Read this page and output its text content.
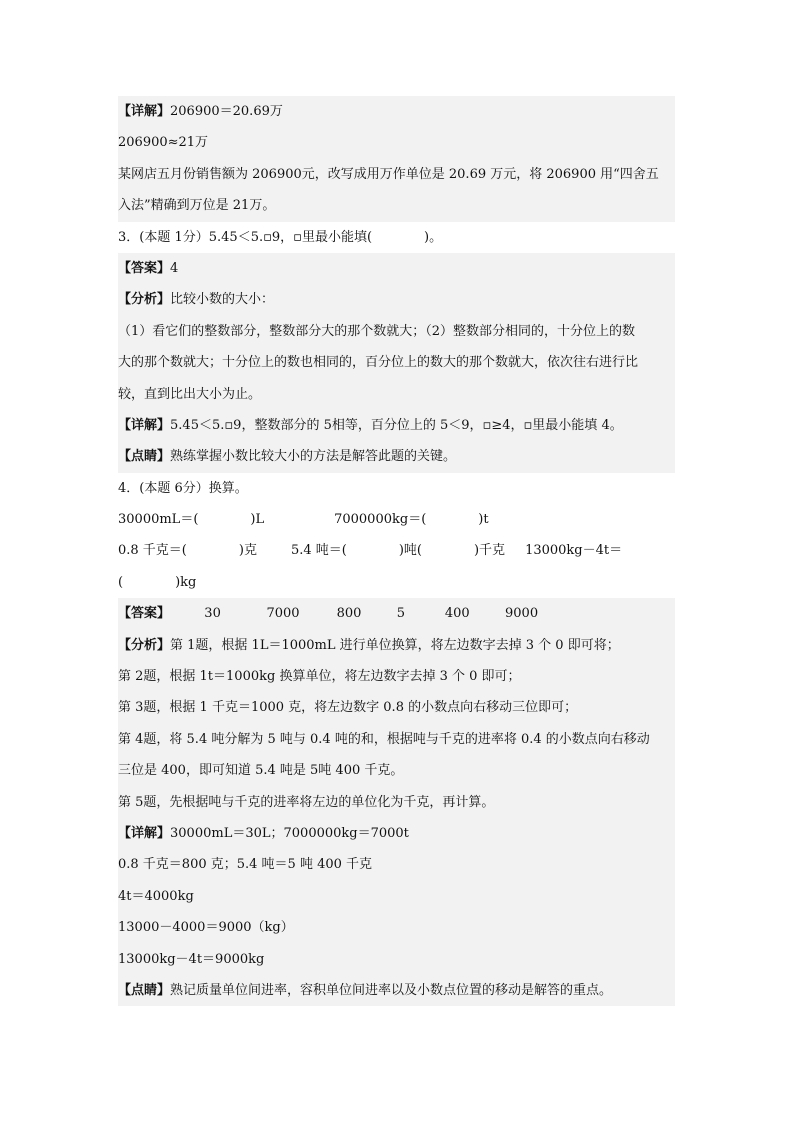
【详解】206900＝20.69万
206900≈21万
某网店五月份销售额为 206900元，改写成用万作单位是 20.69 万元，将 206900 用“四舍五
入法”精确到万位是 21万。
3．(本题 1分）5.45＜5.▫9，▫里最小能填(　　　　)。
【答案】4
【分析】比较小数的大小：
（1）看它们的整数部分，整数部分大的那个数就大；（2）整数部分相同的，十分位上的数
大的那个数就大；十分位上的数也相同的，百分位上的数大的那个数就大，依次往右进行比
较，直到比出大小为止。
【详解】5.45＜5.▫9，整数部分的 5相等，百分位上的 5＜9，▫≥4，▫里最小能填 4。
【点睛】熟练掌握小数比较大小的方法是解答此题的关键。
4．(本题 6分）换算。
30000mL＝(　　　　)L	7000000kg＝(　　　　)t
0.8 千克＝(　　　　)克	5.4 吨＝(　　　　)吨(　　　　)千克 13000kg－4t＝
(　　　　)kg
【答案】	30	7000	800	5	400	9000
【分析】第 1题，根据 1L＝1000mL 进行单位换算，将左边数字去掉 3 个 0 即可将；
第 2题，根据 1t＝1000kg 换算单位，将左边数字去掉 3 个 0 即可；
第 3题，根据 1 千克＝1000 克，将左边数字 0.8 的小数点向右移动三位即可；
第 4题，将 5.4 吨分解为 5 吨与 0.4 吨的和，根据吨与千克的进率将 0.4 的小数点向右移动
三位是 400，即可知道 5.4 吨是 5吨 400 千克。
第 5题，先根据吨与千克的进率将左边的单位化为千克，再计算。
【详解】30000mL＝30L；7000000kg＝7000t
0.8 千克＝800 克；5.4 吨＝5 吨 400 千克
4t＝4000kg
13000－4000＝9000（kg）
13000kg－4t＝9000kg
【点睛】熟记质量单位间进率，容积单位间进率以及小数点位置的移动是解答的重点。
